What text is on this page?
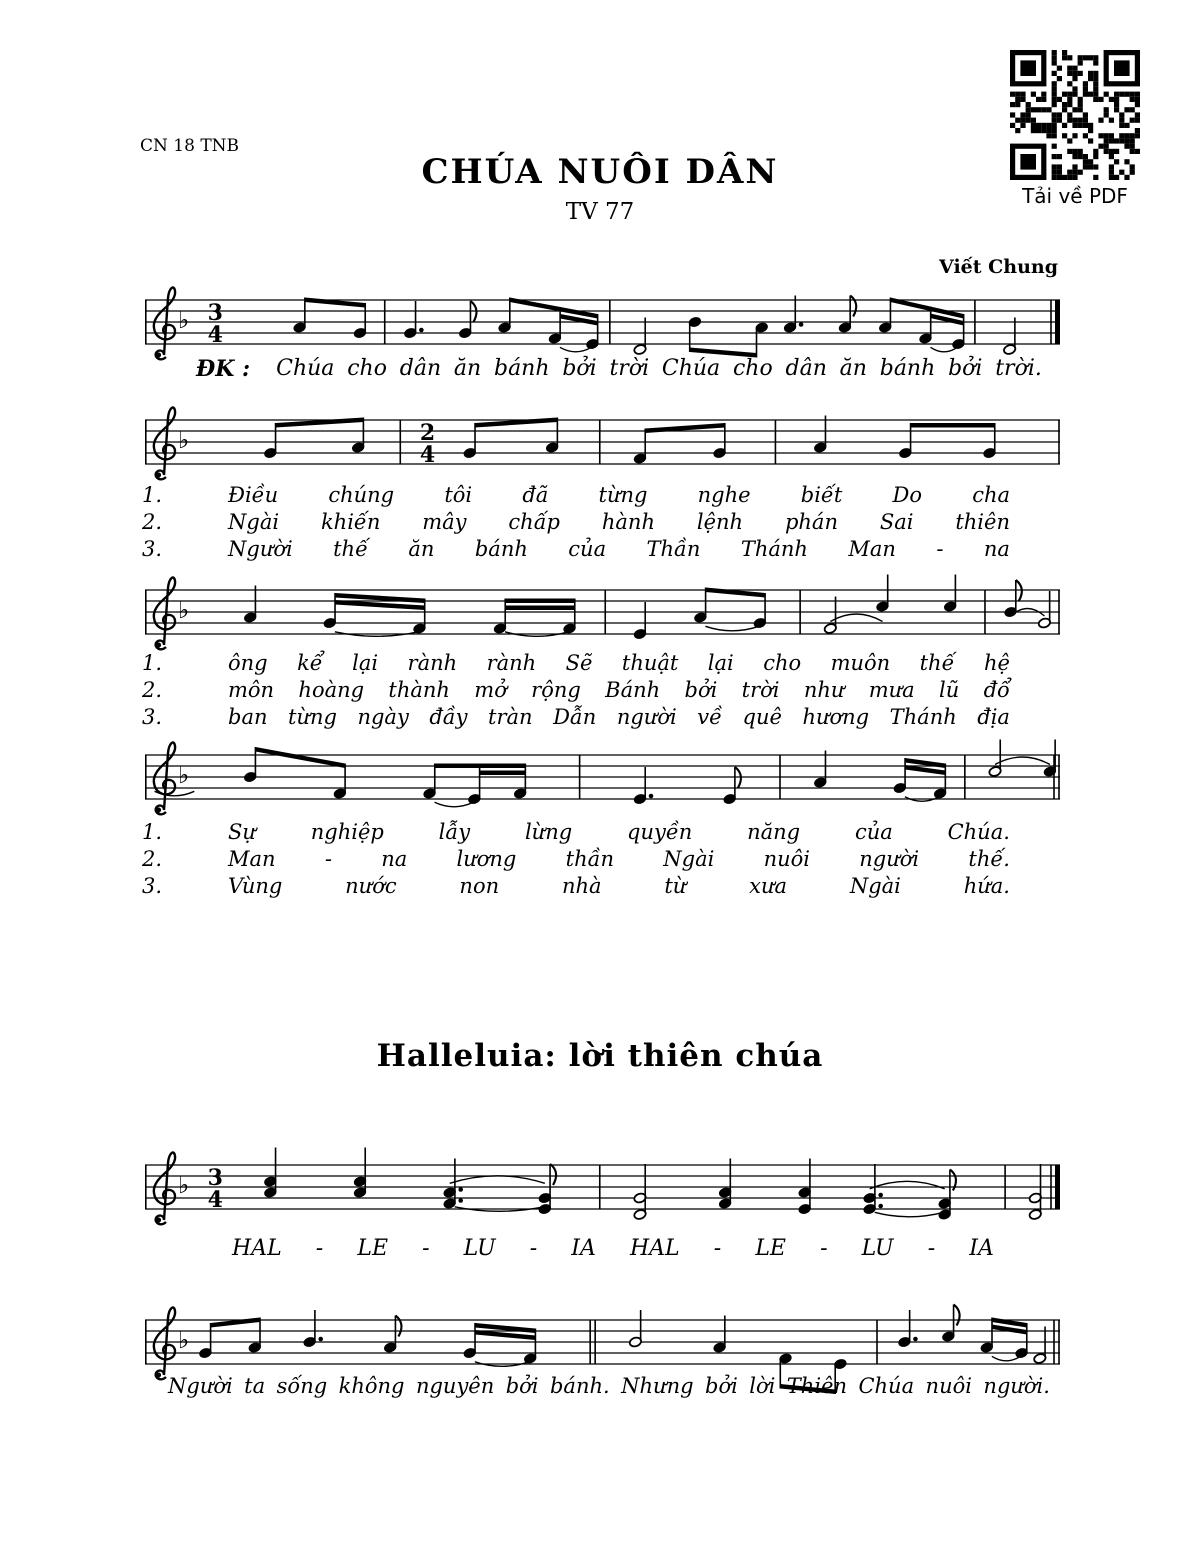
CN 18 TNB
CHÚA NUÔI DÂN
TV 77
Viết Chung
Tải về PDF
♭ 3
4
♭	2
4
♭
♭
♭ 3
4
♭
ĐK : Chúa cho dân ăn bánh bởi trời Chúa cho dân ăn bánh bởi trời.
1.	Điều chúng tôi đã từng nghe biết Do cha
2.	Ngài khiến mây chấp hành lệnh phán Sai thiên
3.	Người thế ăn bánh của Thần Thánh Man - na
1.	ông kể lại rành rành Sẽ thuật lại cho muôn thế hệ
2.	môn hoàng thành mở rộng Bánh bởi trời như mưa lũ đổ
3.	ban từng ngày đầy tràn Dẫn người về quê hương Thánh địa
1.	Sự	nghiệp	lẫy	lừng	quyền	năng	của	Chúa.
2.	Man - na lương thần Ngài nuôi người thế.
3.	Vùng	nước	non	nhà	từ	xưa	Ngài	hứa.
Halleluia: lời thiên chúa
HAL - LE - LU - IA HAL - LE - LU - IA
Người ta sống không nguyên bởi bánh. Nhưng bởi lời Thiên Chúa nuôi người.
